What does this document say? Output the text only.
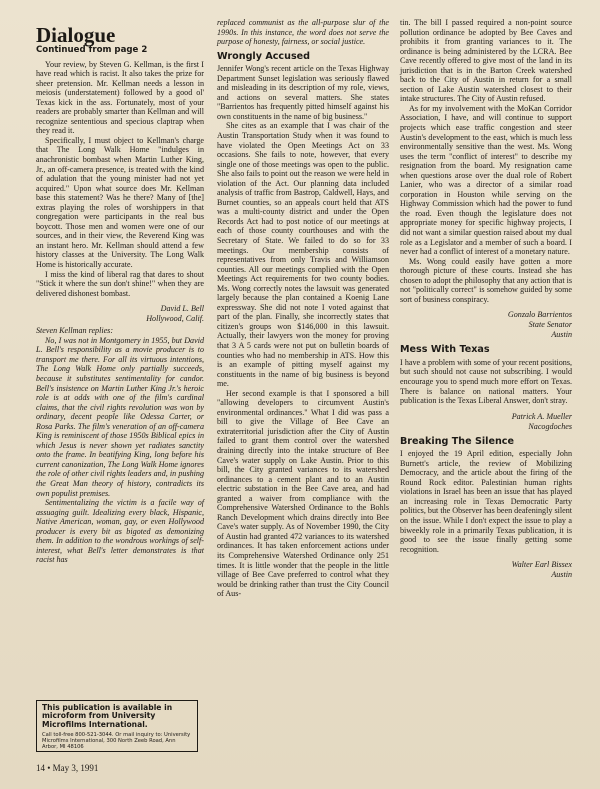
Dialogue
Continued from page 2

Your review, by Steven G. Kellman, is the first I have read which is racist. It also takes the prize for sheer pretension. Mr. Kellman needs a lesson in meiosis (understatement) followed by a good ol' Texas kick in the ass. Fortunately, most of your readers are probably smarter than Kellman and will recognize sententious and specious claptrap when they read it.

Specifically, I must object to Kellman's charge that The Long Walk Home "indulges in anachronistic bombast when Martin Luther King, Jr., an off-camera presence, is treated with the kind of adulation that the young minister had not yet acquired." Upon what source does Mr. Kellman base this statement? Was he there? Many of [the] extras playing the roles of worshippers in that congregation were participants in the real bus boycott. Those men and women were one of our sources, and in their view, the Reverend King was an instant hero. Mr. Kellman should attend a few history classes at the University. The Long Walk Home is historically accurate.

I miss the kind of liberal rag that dares to shout "Stick it where the sun don't shine!" when they are delivered dishonest bombast.

David L. Bell
Hollywood, Calif.

Steven Kellman replies:

No, I was not in Montgomery in 1955, but David L. Bell's responsibility as a movie producer is to transport me there. For all its virtuous intentions, The Long Walk Home only partially succeeds, because it substitutes sentimentality for candor. Bell's insistence on Martin Luther King Jr.'s heroic role is at odds with one of the film's cardinal claims, that the civil rights revolution was won by ordinary, decent people like Odessa Carter, or Rosa Parks. The film's veneration of an off-camera King is reminiscent of those 1950s Biblical epics in which Jesus is never shown yet radiates sanctity onto the frame. In beatifying King, long before his current canonization, The Long Walk Home ignores the role of other civil rights leaders and, in pushing the Great Man theory of history, contradicts its own populist premises.

Sentimentalizing the victim is a facile way of assuaging guilt. Idealizing every black, Hispanic, Native American, woman, gay, or even Hollywood producer is every bit as bigoted as demonizing them. In addition to the wondrous workings of self-interest, what Bell's letter demonstrates is that racist has

This publication is available in microform from University Microfilms International.
Call toll-free 800-521-3044. Or mail inquiry to: University Microfilms International, 300 North Zeeb Road, Ann Arbor, MI 48106

replaced communist as the all-purpose slur of the 1990s. In this instance, the word does not serve the purpose of honesty, fairness, or social justice.

Wrongly Accused

Jennifer Wong's recent article on the Texas Highway Department Sunset legislation was seriously flawed and misleading in its description of my role, views, and actions on several matters. She states "Barrientos has frequently pitted himself against his own constituents in the name of big business."

She cites as an example that I was chair of the Austin Transportation Study when it was found to have violated the Open Meetings Act on 33 occasions. She fails to note, however, that every single one of those meetings was open to the public. She also fails to point out the reason we were held in violation of the Act. Our planning data included analysis of traffic from Bastrop, Caldwell, Hays, and Burnet counties, so an appeals court held that ATS was a multi-county district and under the Open Records Act had to post notice of our meetings at each of those county courthouses and with the Secretary of State. We failed to do so for 33 meetings. Our membership consists of representatives from only Travis and Williamson counties. All our meetings complied with the Open Meetings Act requirements for two county bodies. Ms. Wong correctly notes the lawsuit was generated largely because the plan contained a Koenig Lane expressway. She did not note I voted against that part of the plan. Finally, she incorrectly states that citizen's groups won $146,000 in this lawsuit. Actually, their lawyers won the money for proving that 3 A 5 cards were not put on bulletin boards of counties who had no membership in ATS. How this is an example of pitting myself against my constituents in the name of big business is beyond me.

Her second example is that I sponsored a bill "allowing developers to circumvent Austin's environmental ordinances." What I did was pass a bill to give the Village of Bee Cave an extraterritorial jurisdiction after the City of Austin failed to grant them control over the watershed draining directly into the intake structure of Bee Cave's water supply on Lake Austin. Prior to this bill, the City granted variances to its watershed ordinances to a cement plant and to an Austin electric substation in the Bee Cave area, and had granted a waiver from compliance with the Comprehensive Watershed Ordinance to the Bohls Ranch Development which drains directly into Bee Cave's water supply. As of November 1990, the City of Austin had granted 472 variances to its watershed ordinances. It has taken enforcement actions under its Comprehensive Watershed Ordinance only 251 times. It is little wonder that the people in the little village of Bee Cave preferred to control what they would be drinking rather than trust the City Council of Aus-

tin. The bill I passed required a non-point source pollution ordinance be adopted by Bee Caves and prohibits it from granting variances to it. The ordinance is being administered by the LCRA. Bee Cave recently offered to give most of the land in its jurisdiction that is in the Barton Creek watershed back to the City of Austin in return for a small section of Lake Austin watershed closest to their intake structures. The City of Austin refused.

As for my involvement with the MoKan Corridor Association, I have, and will continue to support projects which ease traffic congestion and steer Austin's development to the east, which is much less environmentally sensitive than the west. Ms. Wong uses the term "conflict of interest" to describe my resignation from the board. My resignation came when questions arose over the dual role of Robert Lanier, who was a director of a similar road corporation in Houston while serving on the Highway Commission which had the power to fund the road. Even though the legislature does not appropriate money for specific highway projects, I did not want a similar question raised about my dual role as a Legislator and a member of such a board. I never had a conflict of interest of a monetary nature.

Ms. Wong could easily have gotten a more thorough picture of these courts. Instead she has chosen to adopt the philosophy that any action that is not "politically correct" is somehow guided by some sort of business conspiracy.

Gonzalo Barrientos
State Senator
Austin
Mess With Texas

I have a problem with some of your recent positions, but such should not cause not subscribing. I would encourage you to spend much more effort on Texas. There is balance on national matters. Your publication is the Texas Liberal Answer, don't stray.

Patrick A. Mueller
Nacogdoches
Breaking The Silence

I enjoyed the 19 April edition, especially John Burnett's article, the review of Mobilizing Democracy, and the article about the firing of the Round Rock editor. Palestinian human rights violations in Israel has been an issue that has played an increasing role in Texas Democratic Party politics, but the Observer has been deafeningly silent on the issue. While I don't expect the issue to play a biweekly role in a primarily Texas publication, it is good to see the issue finally getting some recognition.

Walter Earl Bissex
Austin
14 • May 3, 1991
